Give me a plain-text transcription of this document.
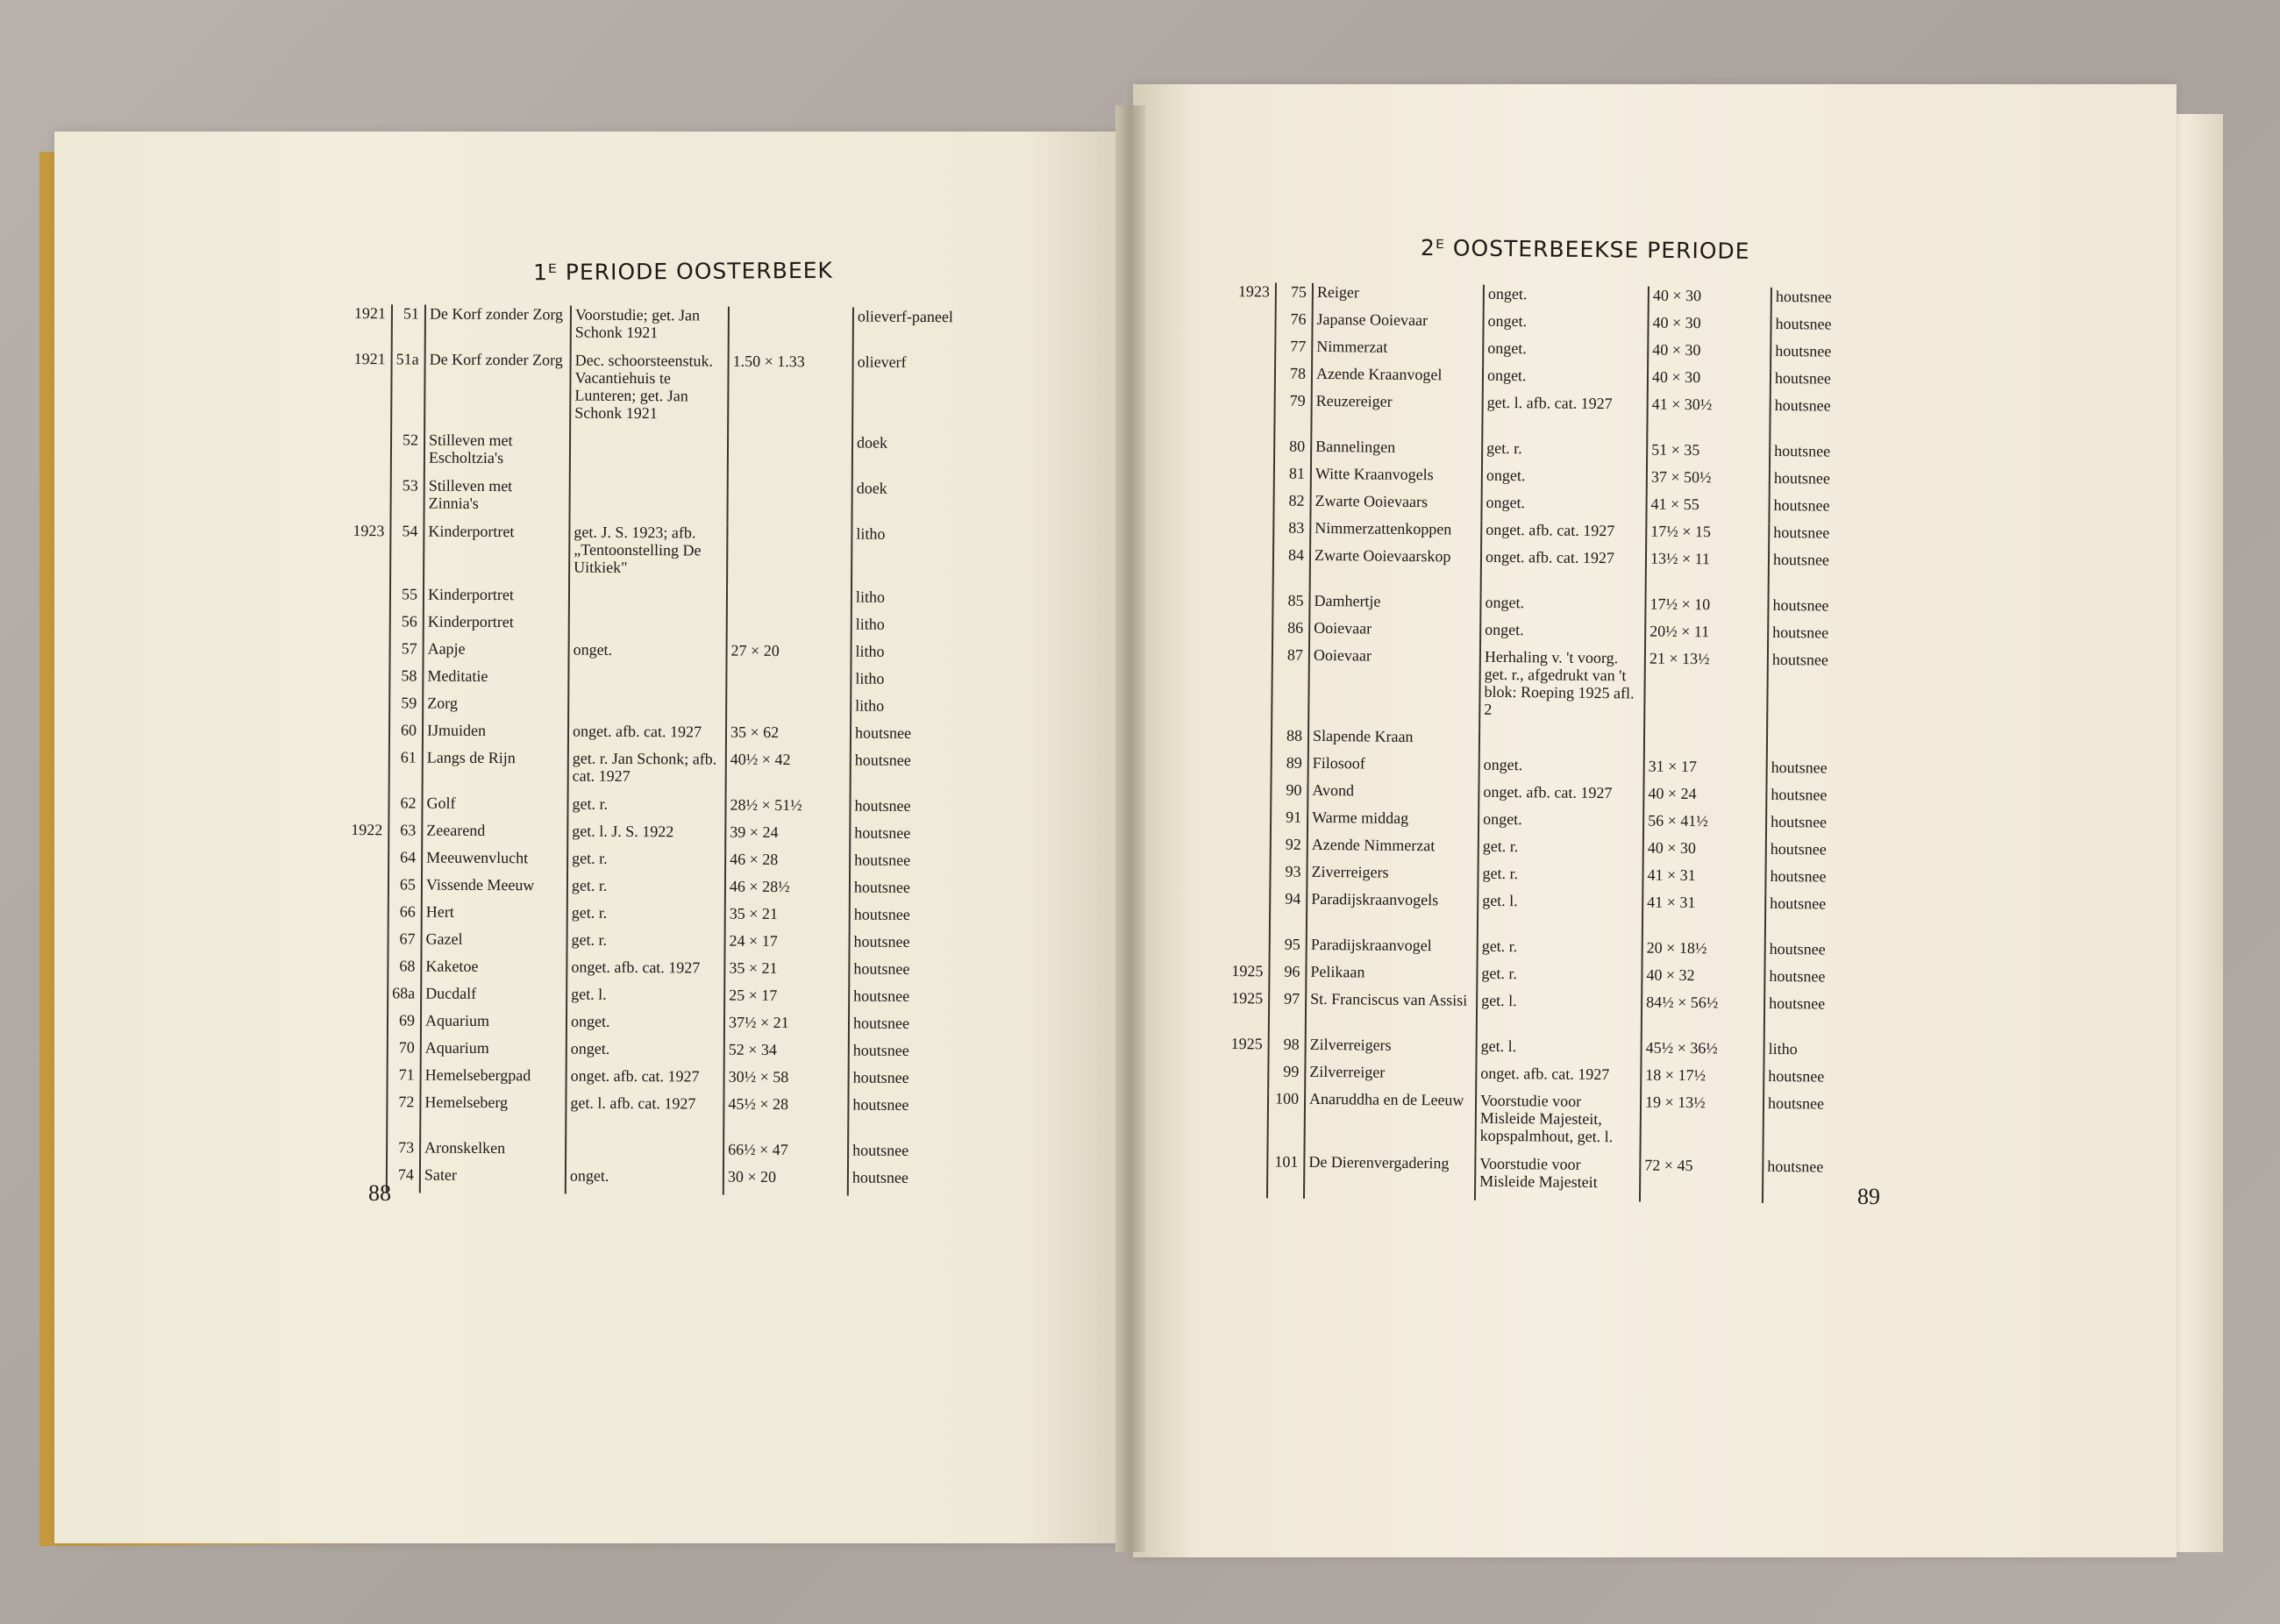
1ᴱ PERIODE OOSTERBEEK
2ᴱ OOSTERBEEKSE PERIODE
1921	51	De Korf zonder Zorg	Voorstudie; get. Jan Schonk 1921		olieverf-paneel
1921	51a	De Korf zonder Zorg	Dec. schoorsteenstuk. Vacantiehuis te Lunteren; get. Jan Schonk 1921	1.50 × 1.33	olieverf
	52	Stilleven met Escholtzia's			doek
	53	Stilleven met Zinnia's			doek
1923	54	Kinderportret	get. J. S. 1923; afb. „Tentoonstelling De Uitkiek"		litho
	55	Kinderportret			litho
	56	Kinderportret			litho
	57	Aapje	onget.	27 × 20	litho
	58	Meditatie			litho
	59	Zorg			litho
	60	IJmuiden	onget. afb. cat. 1927	35 × 62	houtsnee
	61	Langs de Rijn	get. r. Jan Schonk; afb. cat. 1927	40½ × 42	houtsnee
	62	Golf	get. r.	28½ × 51½	houtsnee
1922	63	Zeearend	get. l. J. S. 1922	39 × 24	houtsnee
	64	Meeuwenvlucht	get. r.	46 × 28	houtsnee
	65	Vissende Meeuw	get. r.	46 × 28½	houtsnee
	66	Hert	get. r.	35 × 21	houtsnee
	67	Gazel	get. r.	24 × 17	houtsnee
	68	Kaketoe	onget. afb. cat. 1927	35 × 21	houtsnee
	68a	Ducdalf	get. l.	25 × 17	houtsnee
	69	Aquarium	onget.	37½ × 21	houtsnee
	70	Aquarium	onget.	52 × 34	houtsnee
	71	Hemelsebergpad	onget. afb. cat. 1927	30½ × 58	houtsnee
	72	Hemelseberg	get. l. afb. cat. 1927	45½ × 28	houtsnee
	73	Aronskelken		66½ × 47	houtsnee
	74	Sater	onget.	30 × 20	houtsnee
1923	75	Reiger	onget.	40 × 30	houtsnee
	76	Japanse Ooievaar	onget.	40 × 30	houtsnee
	77	Nimmerzat	onget.	40 × 30	houtsnee
	78	Azende Kraanvogel	onget.	40 × 30	houtsnee
	79	Reuzereiger	get. l. afb. cat. 1927	41 × 30½	houtsnee
	80	Bannelingen	get. r.	51 × 35	houtsnee
	81	Witte Kraanvogels	onget.	37 × 50½	houtsnee
	82	Zwarte Ooievaars	onget.	41 × 55	houtsnee
	83	Nimmerzattenkoppen	onget. afb. cat. 1927	17½ × 15	houtsnee
	84	Zwarte Ooievaarskop	onget. afb. cat. 1927	13½ × 11	houtsnee
	85	Damhertje	onget.	17½ × 10	houtsnee
	86	Ooievaar	onget.	20½ × 11	houtsnee
	87	Ooievaar	Herhaling v. 't voorg. get. r., afgedrukt van 't blok: Roeping 1925 afl. 2	21 × 13½	houtsnee
	88	Slapende Kraan			
	89	Filosoof	onget.	31 × 17	houtsnee
	90	Avond	onget. afb. cat. 1927	40 × 24	houtsnee
	91	Warme middag	onget.	56 × 41½	houtsnee
	92	Azende Nimmerzat	get. r.	40 × 30	houtsnee
	93	Ziverreigers	get. r.	41 × 31	houtsnee
	94	Paradijskraanvogels	get. l.	41 × 31	houtsnee
	95	Paradijskraanvogel	get. r.	20 × 18½	houtsnee
1925	96	Pelikaan	get. r.	40 × 32	houtsnee
1925	97	St. Franciscus van Assisi	get. l.	84½ × 56½	houtsnee
1925	98	Zilverreigers	get. l.	45½ × 36½	litho
	99	Zilverreiger	onget. afb. cat. 1927	18 × 17½	houtsnee
	100	Anaruddha en de Leeuw	Voorstudie voor Misleide Majesteit, kopspalmhout, get. l.	19 × 13½	houtsnee
	101	De Dierenvergadering	Voorstudie voor Misleide Majesteit	72 × 45	houtsnee
88	89
